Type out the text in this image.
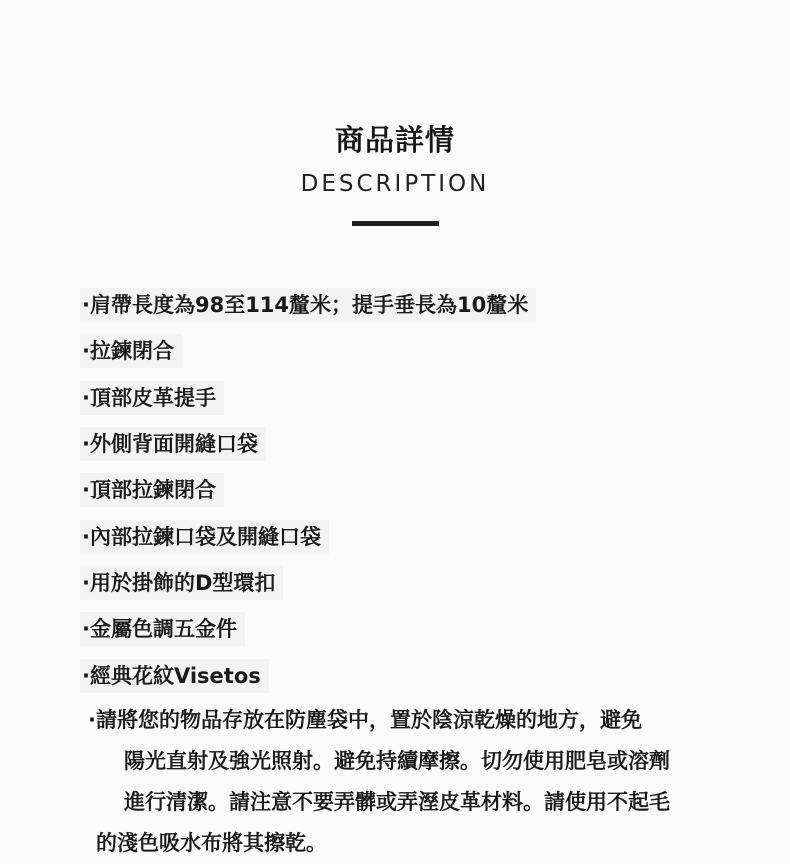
商品詳情
DESCRIPTION
·肩帶長度為98至114釐米；提手垂長為10釐米
·拉鍊閉合
·頂部皮革提手
·外側背面開縫口袋
·頂部拉鍊閉合
·內部拉鍊口袋及開縫口袋
·用於掛飾的D型環扣
·金屬色調五金件
·經典花紋Visetos
·請將您的物品存放在防塵袋中，置於陰涼乾燥的地方，避免
陽光直射及強光照射。避免持續摩擦。切勿使用肥皂或溶劑
進行清潔。請注意不要弄髒或弄溼皮革材料。請使用不起毛
的淺色吸水布將其擦乾。
